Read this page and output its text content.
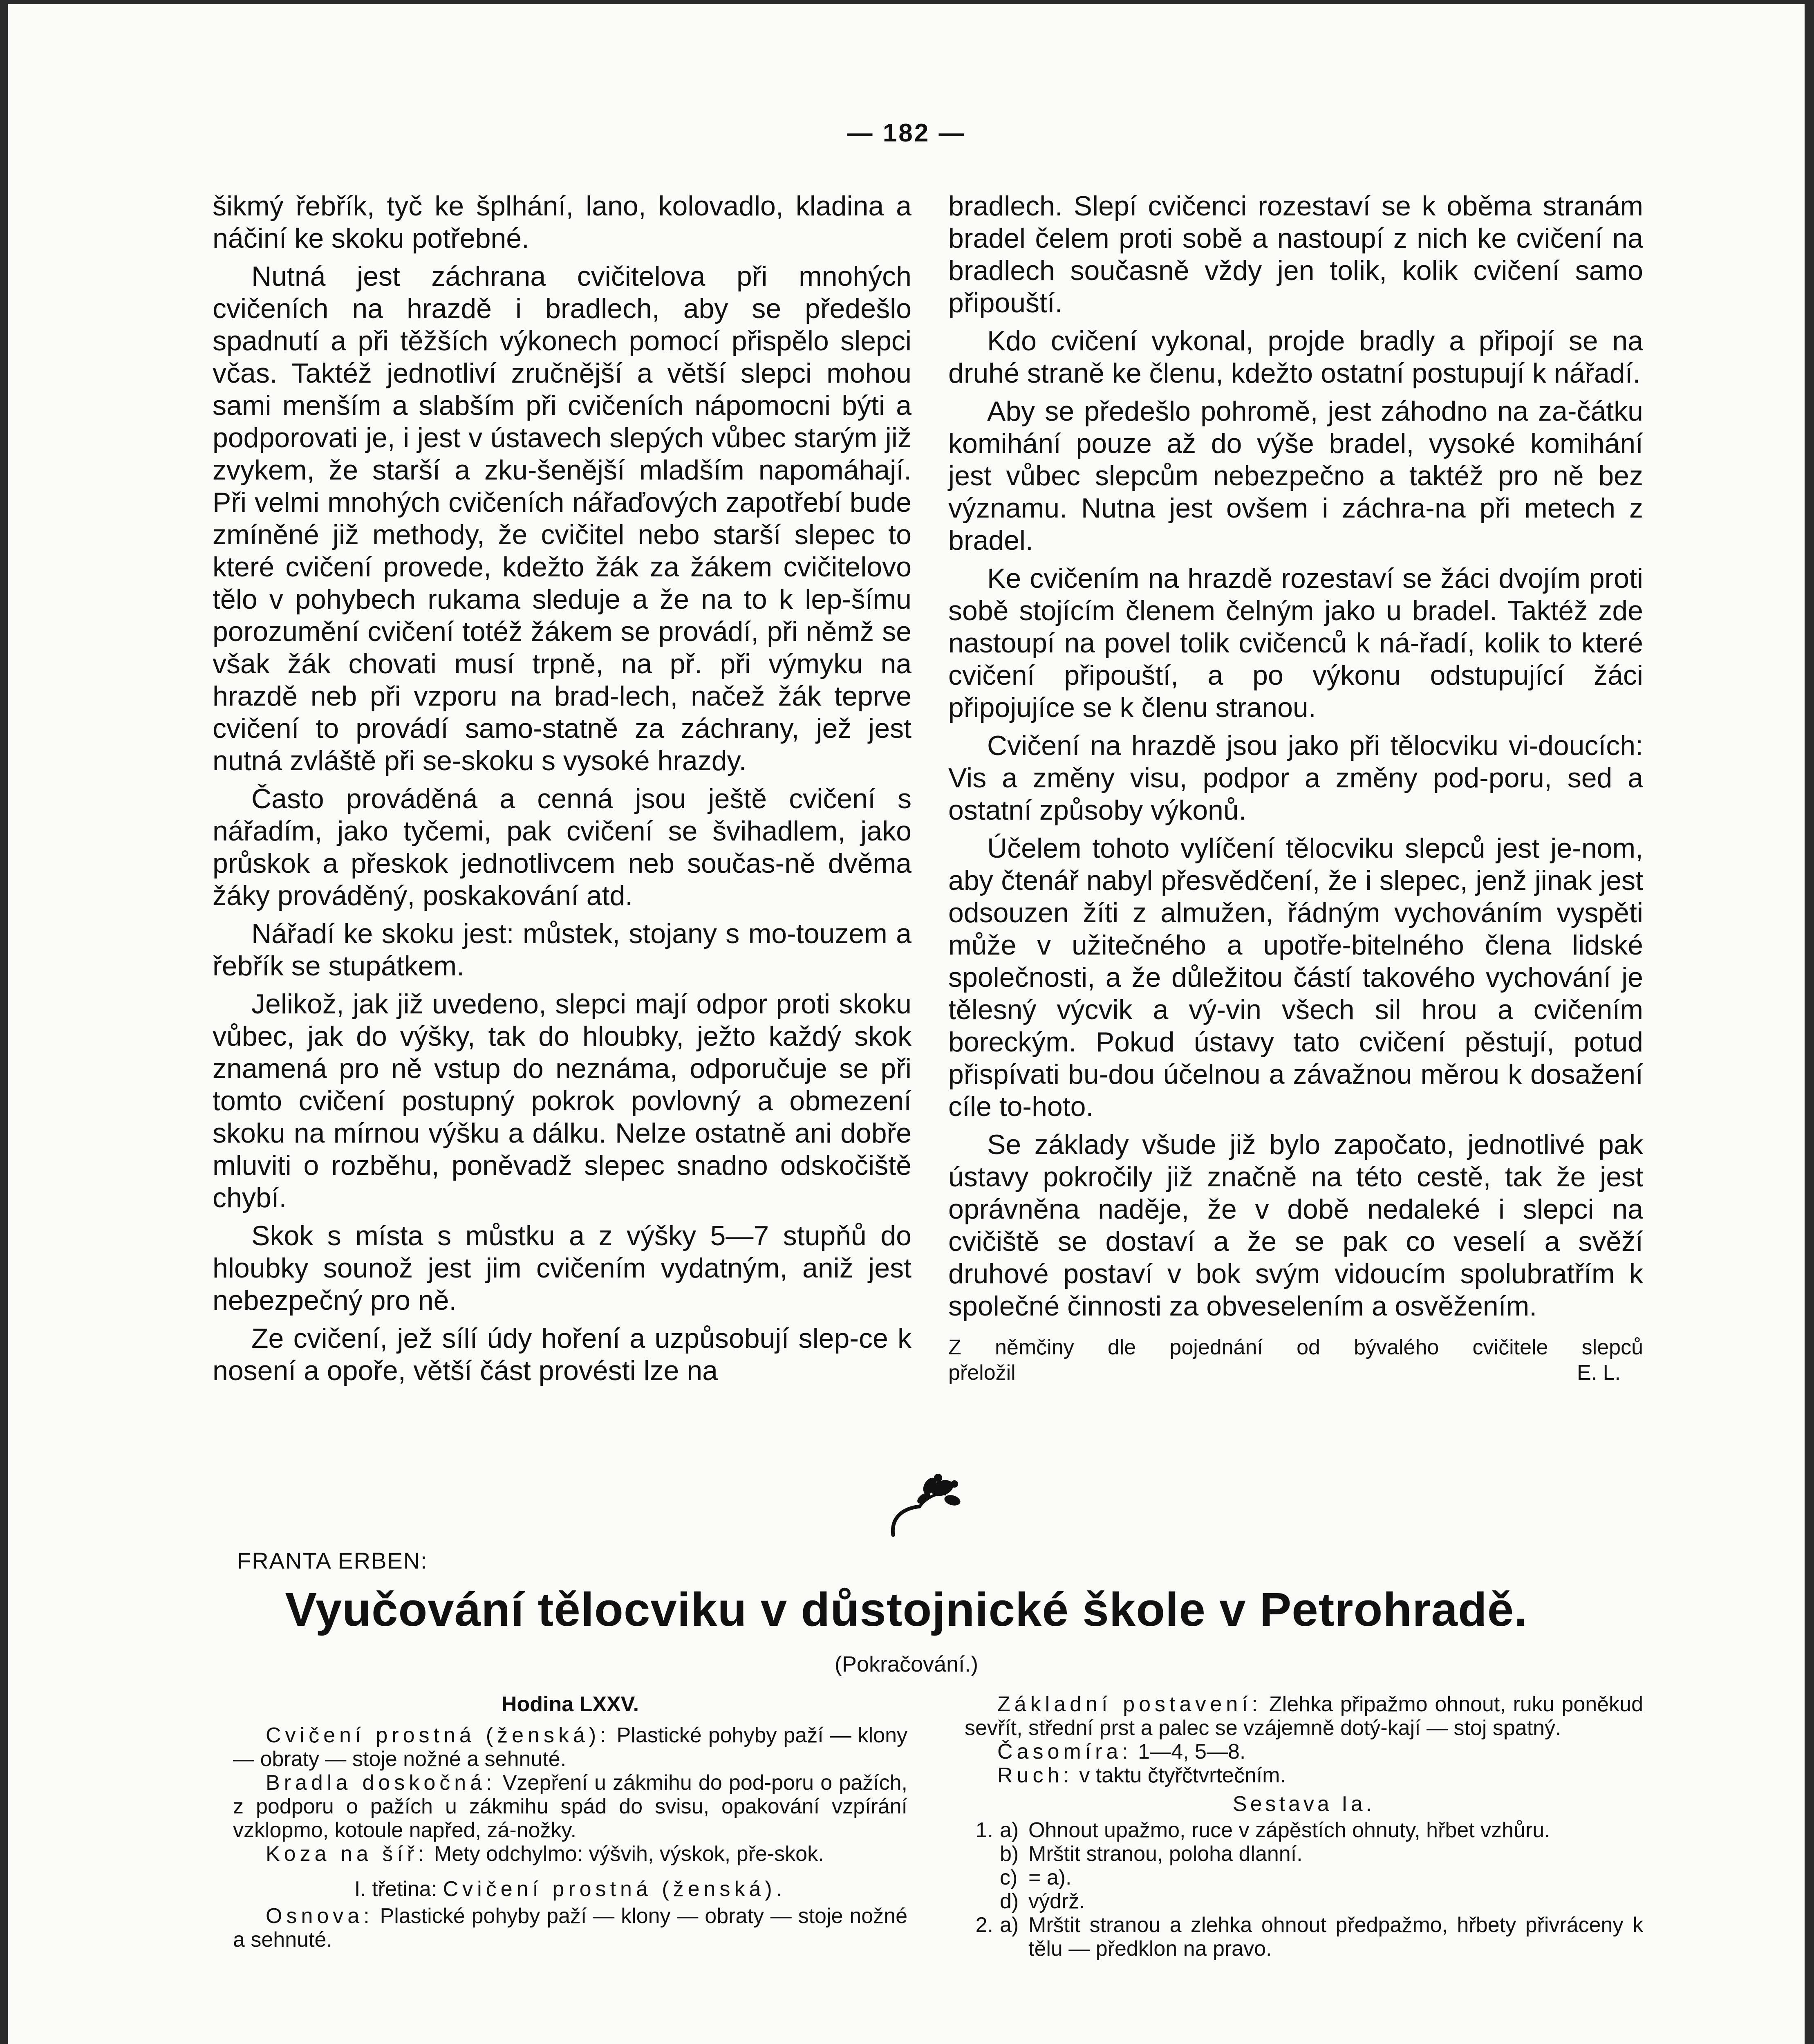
— 182 —

šikmý řebřík, tyč ke šplhání, lano, kolovadlo, kladina a náčiní ke skoku potřebné.

Nutná jest záchrana cvičitelova při mnohých cvičeních na hrazdě i bradlech, aby se předešlo spadnutí a při těžších výkonech pomocí přispělo slepci včas. Taktéž jednotliví zručnější a větší slepci mohou sami menším a slabším při cvičeních nápomocni býti a podporovati je, i jest v ústavech slepých vůbec starým již zvykem, že starší a zku-šenější mladším napomáhají. Při velmi mnohých cvičeních nářaďových zapotřebí bude zmíněné již methody, že cvičitel nebo starší slepec to které cvičení provede, kdežto žák za žákem cvičitelovo tělo v pohybech rukama sleduje a že na to k lep-šímu porozumění cvičení totéž žákem se provádí, při němž se však žák chovati musí trpně, na př. při výmyku na hrazdě neb při vzporu na brad-lech, načež žák teprve cvičení to provádí samo-statně za záchrany, jež jest nutná zvláště při se-skoku s vysoké hrazdy.

Často prováděná a cenná jsou ještě cvičení s nářadím, jako tyčemi, pak cvičení se švihadlem, jako průskok a přeskok jednotlivcem neb součas-ně dvěma žáky prováděný, poskakování atd.

Nářadí ke skoku jest: můstek, stojany s mo-touzem a řebřík se stupátkem.

Jelikož, jak již uvedeno, slepci mají odpor proti skoku vůbec, jak do výšky, tak do hloubky, ježto každý skok znamená pro ně vstup do neznáma, odporučuje se při tomto cvičení postupný pokrok povlovný a obmezení skoku na mírnou výšku a dálku. Nelze ostatně ani dobře mluviti o rozběhu, poněvadž slepec snadno odskočiště chybí.

Skok s místa s můstku a z výšky 5—7 stupňů do hloubky sounož jest jim cvičením vydatným, aniž jest nebezpečný pro ně.

Ze cvičení, jež sílí údy hoření a uzpůsobují slep-ce k nosení a opoře, větší část provésti lze na

bradlech. Slepí cvičenci rozestaví se k oběma stranám bradel čelem proti sobě a nastoupí z nich ke cvičení na bradlech současně vždy jen tolik, kolik cvičení samo připouští.

Kdo cvičení vykonal, projde bradly a připojí se na druhé straně ke členu, kdežto ostatní postupují k nářadí.

Aby se předešlo pohromě, jest záhodno na za-čátku komihání pouze až do výše bradel, vysoké komihání jest vůbec slepcům nebezpečno a taktéž pro ně bez významu. Nutna jest ovšem i záchra-na při metech z bradel.

Ke cvičením na hrazdě rozestaví se žáci dvojím proti sobě stojícím členem čelným jako u bradel. Taktéž zde nastoupí na povel tolik cvičenců k ná-řadí, kolik to které cvičení připouští, a po výkonu odstupující žáci připojujíce se k členu stranou.

Cvičení na hrazdě jsou jako při tělocviku vi-doucích: Vis a změny visu, podpor a změny pod-poru, sed a ostatní způsoby výkonů.

Účelem tohoto vylíčení tělocviku slepců jest je-nom, aby čtenář nabyl přesvědčení, že i slepec, jenž jinak jest odsouzen žíti z almužen, řádným vychováním vyspěti může v užitečného a upotře-bitelného člena lidské společnosti, a že důležitou částí takového vychování je tělesný výcvik a vý-vin všech sil hrou a cvičením boreckým. Pokud ústavy tato cvičení pěstují, potud přispívati bu-dou účelnou a závažnou měrou k dosažení cíle to-hoto.

Se základy všude již bylo započato, jednotlivé pak ústavy pokročily již značně na této cestě, tak že jest oprávněna naděje, že v době nedaleké i slepci na cvičiště se dostaví a že se pak co veselí a svěží druhové postaví v bok svým vidoucím spolubratřím k společné činnosti za obveselením a osvěžením.

Z němčiny dle pojednání od bývalého cvičitele slepců
přeložil	E. L.
FRANTA ERBEN:
Vyučování tělocviku v důstojnické škole v Petrohradě.
(Pokračování.)

Hodina LXXV.

Cvičení prostná (ženská): Plastické pohyby paží — klony — obraty — stoje nožné a sehnuté.

Bradla doskočná: Vzepření u zákmihu do pod-poru o pažích, z podporu o pažích u zákmihu spád do svisu, opakování vzpírání vzklopmo, kotoule napřed, zá-nožky.

Koza na šíř: Mety odchylmo: výšvih, výskok, pře-skok.

I. třetina: Cvičení prostná (ženská).

Osnova: Plastické pohyby paží — klony — obraty — stoje nožné a sehnuté.

Základní postavení: Zlehka připažmo ohnout, ruku poněkud sevřít, střední prst a palec se vzájemně dotý-kají — stoj spatný.

Časomíra: 1—4, 5—8.

Ruch: v taktu čtyřčtvrtečním.

Sestava Ia.

1. a) Ohnout upažmo, ruce v zápěstích ohnuty, hřbet vzhůru.
b) Mrštit stranou, poloha dlanní.
c) = a).
d) výdrž.
2. a) Mrštit stranou a zlehka ohnout předpažmo, hřbety přivráceny k tělu — předklon na pravo.
